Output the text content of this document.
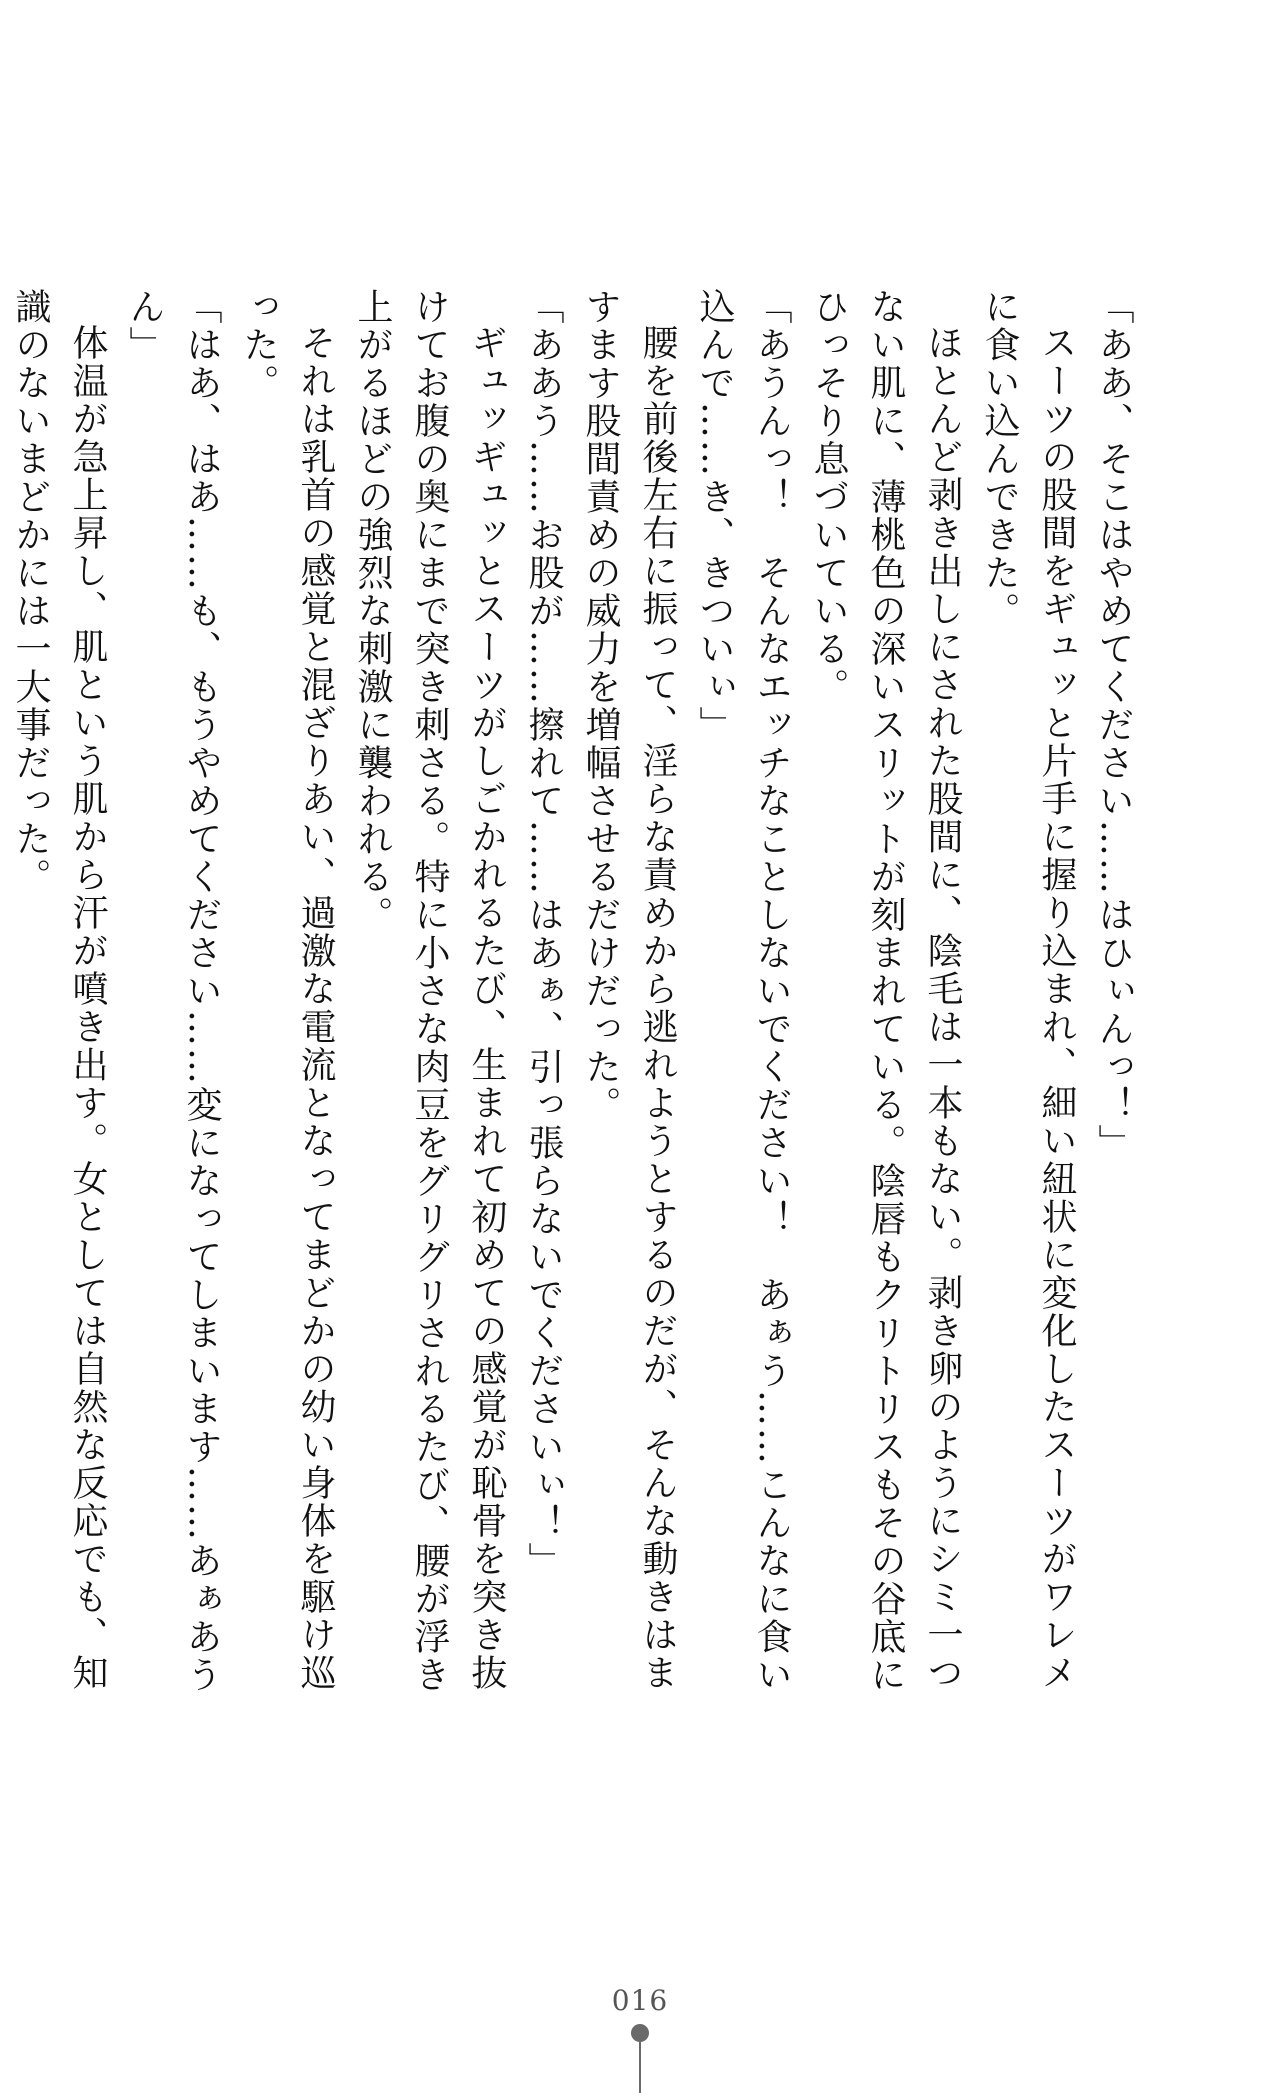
「ああ、そこはやめてください……はひぃんっ！」

スーツの股間をギュッと片手に握り込まれ、細い紐状に変化したスーツがワレメに食い込んできた。

ほとんど剥き出しにされた股間に、陰毛は一本もない。剥き卵のようにシミ一つない肌に、薄桃色の深いスリットが刻まれている。陰唇もクリトリスもその谷底にひっそり息づいている。

「あうんっ！　そんなエッチなことしないでください！　あぁう……こんなに食い込んで……き、きついぃ」

腰を前後左右に振って、淫らな責めから逃れようとするのだが、そんな動きはますます股間責めの威力を増幅させるだけだった。

「ああう……お股が……擦れて……はあぁ、引っ張らないでくださいぃ！」

ギュッギュッとスーツがしごかれるたび、生まれて初めての感覚が恥骨を突き抜けてお腹の奥にまで突き刺さる。特に小さな肉豆をグリグリされるたび、腰が浮き上がるほどの強烈な刺激に襲われる。

それは乳首の感覚と混ざりあい、過激な電流となってまどかの幼い身体を駆け巡った。

「はあ、はあ……も、もうやめてください……変になってしまいます……あぁあうん」

体温が急上昇し、肌という肌から汗が噴き出す。女としては自然な反応でも、知識のないまどかには一大事だった。

016
